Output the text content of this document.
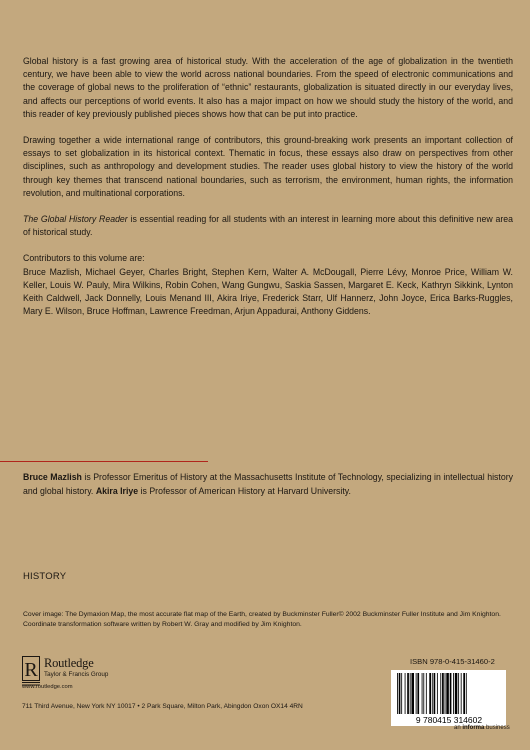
Global history is a fast growing area of historical study. With the acceleration of the age of globalization in the twentieth century, we have been able to view the world across national boundaries. From the speed of electronic communications and the coverage of global news to the proliferation of “ethnic” restaurants, globalization is situated directly in our everyday lives, and affects our perceptions of world events. It also has a major impact on how we should study the history of the world, and this reader of key previously published pieces shows how that can be put into practice.

Drawing together a wide international range of contributors, this ground-breaking work presents an important collection of essays to set globalization in its historical context. Thematic in focus, these essays also draw on perspectives from other disciplines, such as anthropology and development studies. The reader uses global history to view the history of the world through key themes that transcend national boundaries, such as terrorism, the environment, human rights, the information revolution, and multinational corporations.

The Global History Reader is essential reading for all students with an interest in learning more about this definitive new area of historical study.

Contributors to this volume are:

Bruce Mazlish, Michael Geyer, Charles Bright, Stephen Kern, Walter A. McDougall, Pierre Lévy, Monroe Price, William W. Keller, Louis W. Pauly, Mira Wilkins, Robin Cohen, Wang Gungwu, Saskia Sassen, Margaret E. Keck, Kathryn Sikkink, Lynton Keith Caldwell, Jack Donnelly, Louis Menand III, Akira Iriye, Frederick Starr, Ulf Hannerz, John Joyce, Erica Barks-Ruggles, Mary E. Wilson, Bruce Hoffman, Lawrence Freedman, Arjun Appadurai, Anthony Giddens.

Bruce Mazlish is Professor Emeritus of History at the Massachusetts Institute of Technology, specializing in intellectual history and global history. Akira Iriye is Professor of American History at Harvard University.

HISTORY

Cover image: The Dymaxion Map, the most accurate flat map of the Earth, created by Buckminster Fuller© 2002 Buckminster Fuller Institute and Jim Knighton. Coordinate transformation software written by Robert W. Gray and modified by Jim Knighton.

R Routledge
Taylor & Francis Group
www.routledge.com
711 Third Avenue, New York NY 10017 • 2 Park Square, Milton Park, Abingdon Oxon OX14 4RN
ISBN 978-0-415-31460-2
9 780415 314602
an informa business
